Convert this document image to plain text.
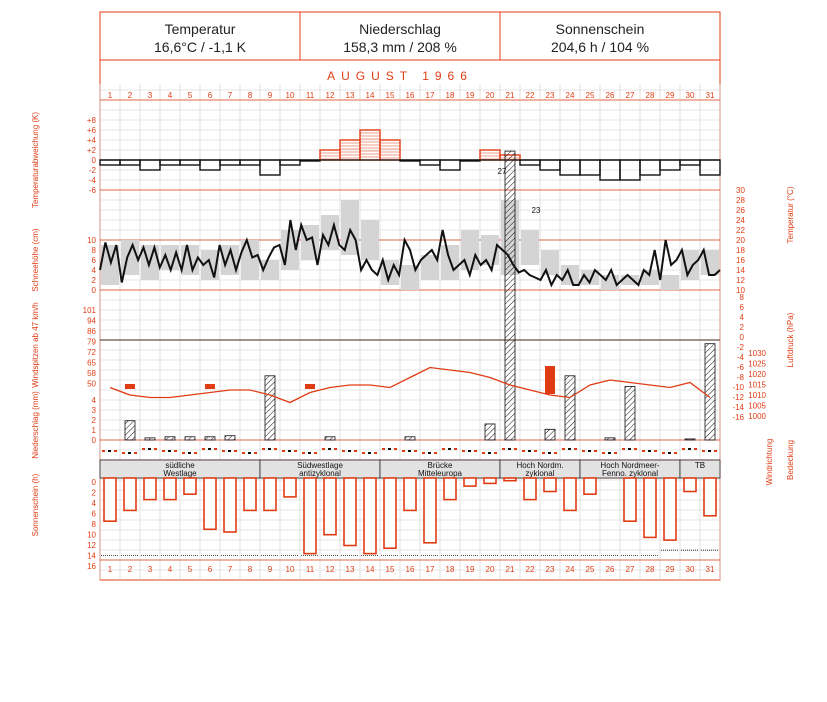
Temperatur
16,6°C / -1,1 K
Niederschlag
158,3 mm / 208 %
Sonnenschein
204,6 h / 104 %
AUGUST 1966
1 2 3 4 5 6 7 8 9 10 11 12 13 14 15 16 17 18 19 20 21 22 23 24 25 26 27 28 29 30 31
1 2 3 4 5 6 7 8 9 10 11 12 13 14 15 16 17 18 19 20 21 22 23 24 25 26 27 28 29 30 31
+8
+6
+4
+2
0
-2
-4
-6	30
28
26
24
22
20
18
16
14
12
10
10
8
6
4
2
0
27
23
4
3
2
1
0
101
94
86
79
72
65
58
50
1030
1025
1020
1015
1010
1005
1000
8
6
4
2
0
-2
-4
-6
-8
-10
-12
-14
-16
südliche
Westlage
Südwestlage
antizyklonal
Brücke
Mitteleuropa
Hoch Nordm.
zyklonal
Hoch Nordmeer-
Fenno. zyklonal
TB
0
2
4
6
8
10
12
14
16
Temperaturabweichung (K)
Schneehöhe (cm)
Windspitzen ab 47 km/h
Niederschlag (mm)
Sonnenschein (h)
Temperatur (°C)
Luftdruck (hPa)
Windrichtung Bedeckung
